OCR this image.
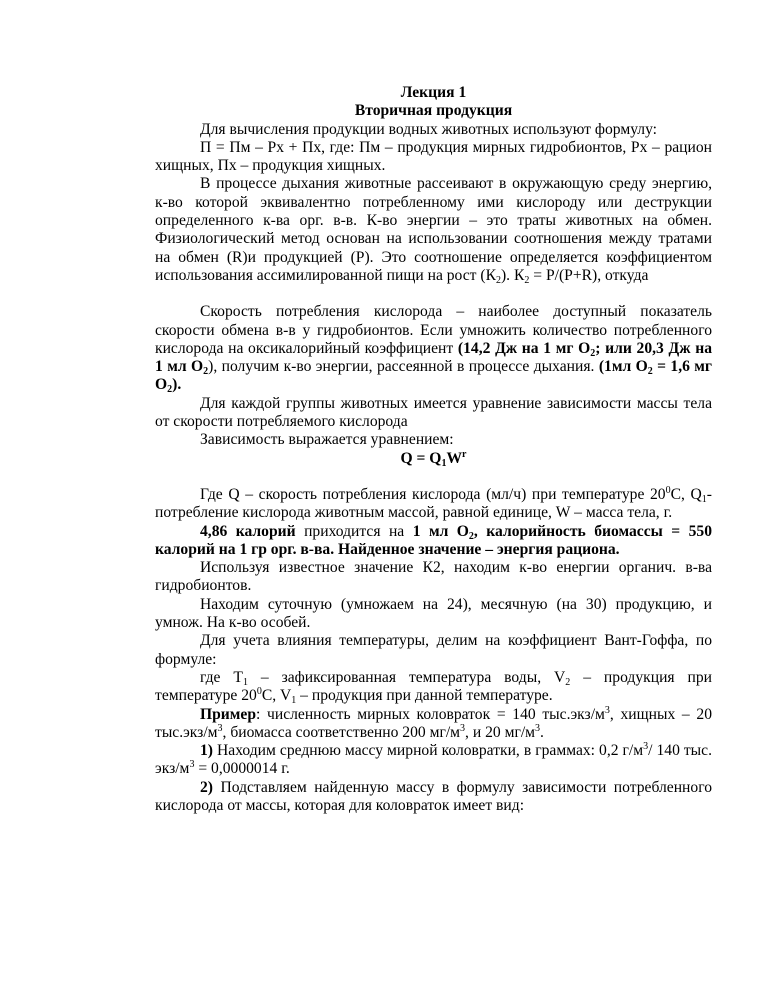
Лекция 1
Вторичная продукция

Для вычисления продукции водных животных используют формулу:

П = Пм – Рх + Пх, где: Пм – продукция мирных гидробионтов, Рх – рацион хищных, Пх – продукция хищных.

В процессе дыхания животные рассеивают в окружающую среду энергию, к-во которой эквивалентно потребленному ими кислороду или деструкции определенного к-ва орг. в-в. К-во энергии – это траты животных на обмен. Физиологический метод основан на использовании соотношения между тратами на обмен (R)и продукцией (P). Это соотношение определяется коэффициентом использования ассимилированной пищи на рост $(К_2)$. $К_2 = P/(P+R)$, откуда

Скорость потребления кислорода – наиболее доступный показатель скорости обмена в-в у гидробионтов. Если умножить количество потребленного кислорода на оксикалорийный коэффициент (14,2 Дж на 1 мг $О_2$; или 20,3 Дж на 1 мл $О_2$), получим к-во энергии, рассеянной в процессе дыхания. (1мл $О_2 = 1,6$ мг $О_2$).

Для каждой группы животных имеется уравнение зависимости массы тела от скорости потребляемого кислорода

Зависимость выражается уравнением:

$Q = Q_1W^r$

Где Q – скорость потребления кислорода (мл/ч) при температуре $20^0С$, $Q_1-$ потребление кислорода животным массой, равной единице, W – масса тела, г.

4,86 калорий приходится на 1 мл $О_2$, калорийность биомассы = 550 калорий на 1 гр орг. в-ва. Найденное значение – энергия рациона.

Используя известное значение К2, находим к-во енергии органич. в-ва гидробионтов.

Находим суточную (умножаем на 24), месячную (на 30) продукцию, и умнож. На к-во особей.

Для учета влияния температуры, делим на коэффициент Вант-Гоффа, по формуле:

где $Т_1$ – зафиксированная температура воды, $V_2$ – продукция при температуре $20^0С$, $V_1$ – продукция при данной температуре.

Пример: численность мирных коловраток = 140 $тыс.экз/м^3$, хищных – 20 $тыс.экз/м^3$, биомасса соответственно 200 $мг/м^3$, и 20 $мг/м^3$.

1) Находим среднюю массу мирной коловратки, в граммах: 0,2 $г/м^3/$ 140 тыс. экз/$м^3 = 0,0000014$ г.

2) Подставляем найденную массу в формулу зависимости потребленного кислорода от массы, которая для коловраток имеет вид:
